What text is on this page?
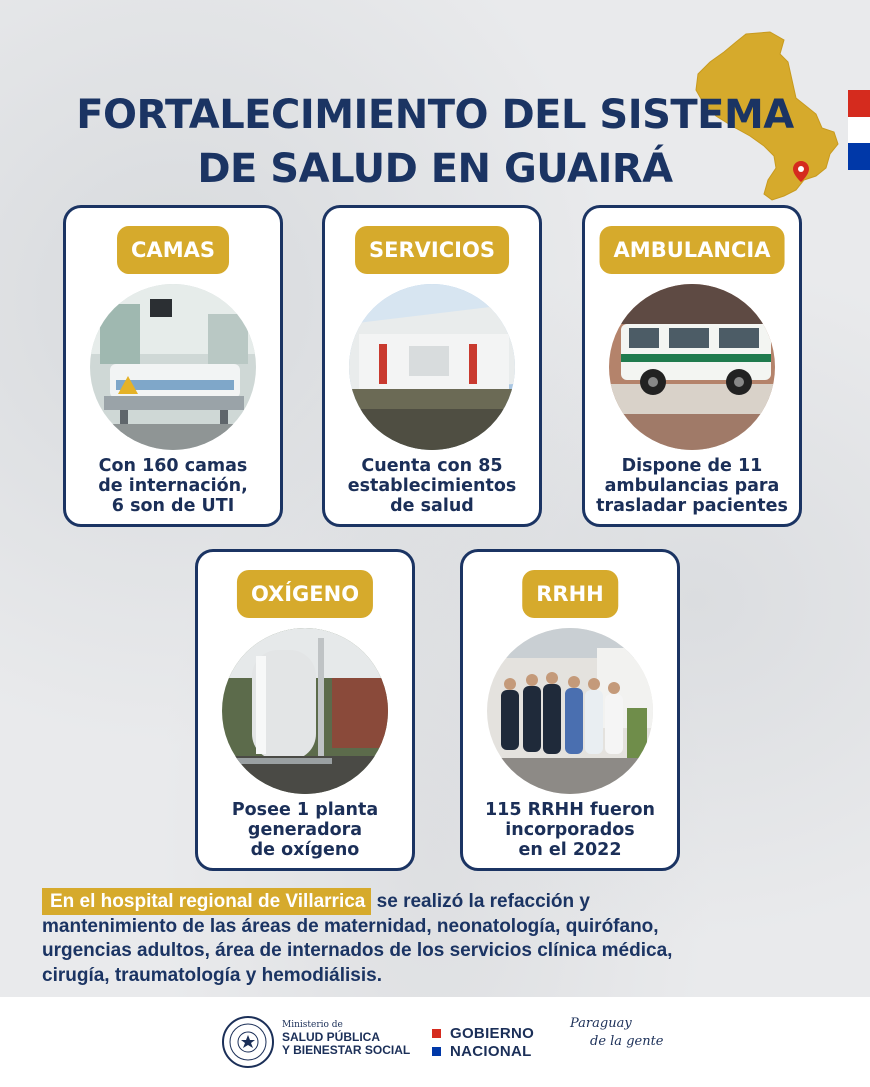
FORTALECIMIENTO DEL SISTEMA
DE SALUD EN GUAIRÁ
CAMAS
Con 160 camas
de internación,
6 son de UTI
SERVICIOS
Cuenta con 85
establecimientos
de salud
AMBULANCIA
Dispone de 11
ambulancias para
trasladar pacientes
OXÍGENO
Posee 1 planta
generadora
de oxígeno
RRHH
115 RRHH fueron
incorporados
en el 2022
En el hospital regional de Villarrica se realizó la refacción y
mantenimiento de las áreas de maternidad, neonatología, quirófano,
urgencias adultos, área de internados de los servicios clínica médica,
cirugía, traumatología y hemodiálisis.
Ministerio de
SALUD PÚBLICA
Y BIENESTAR SOCIAL
GOBIERNO
NACIONAL
Paraguay
de la gente
